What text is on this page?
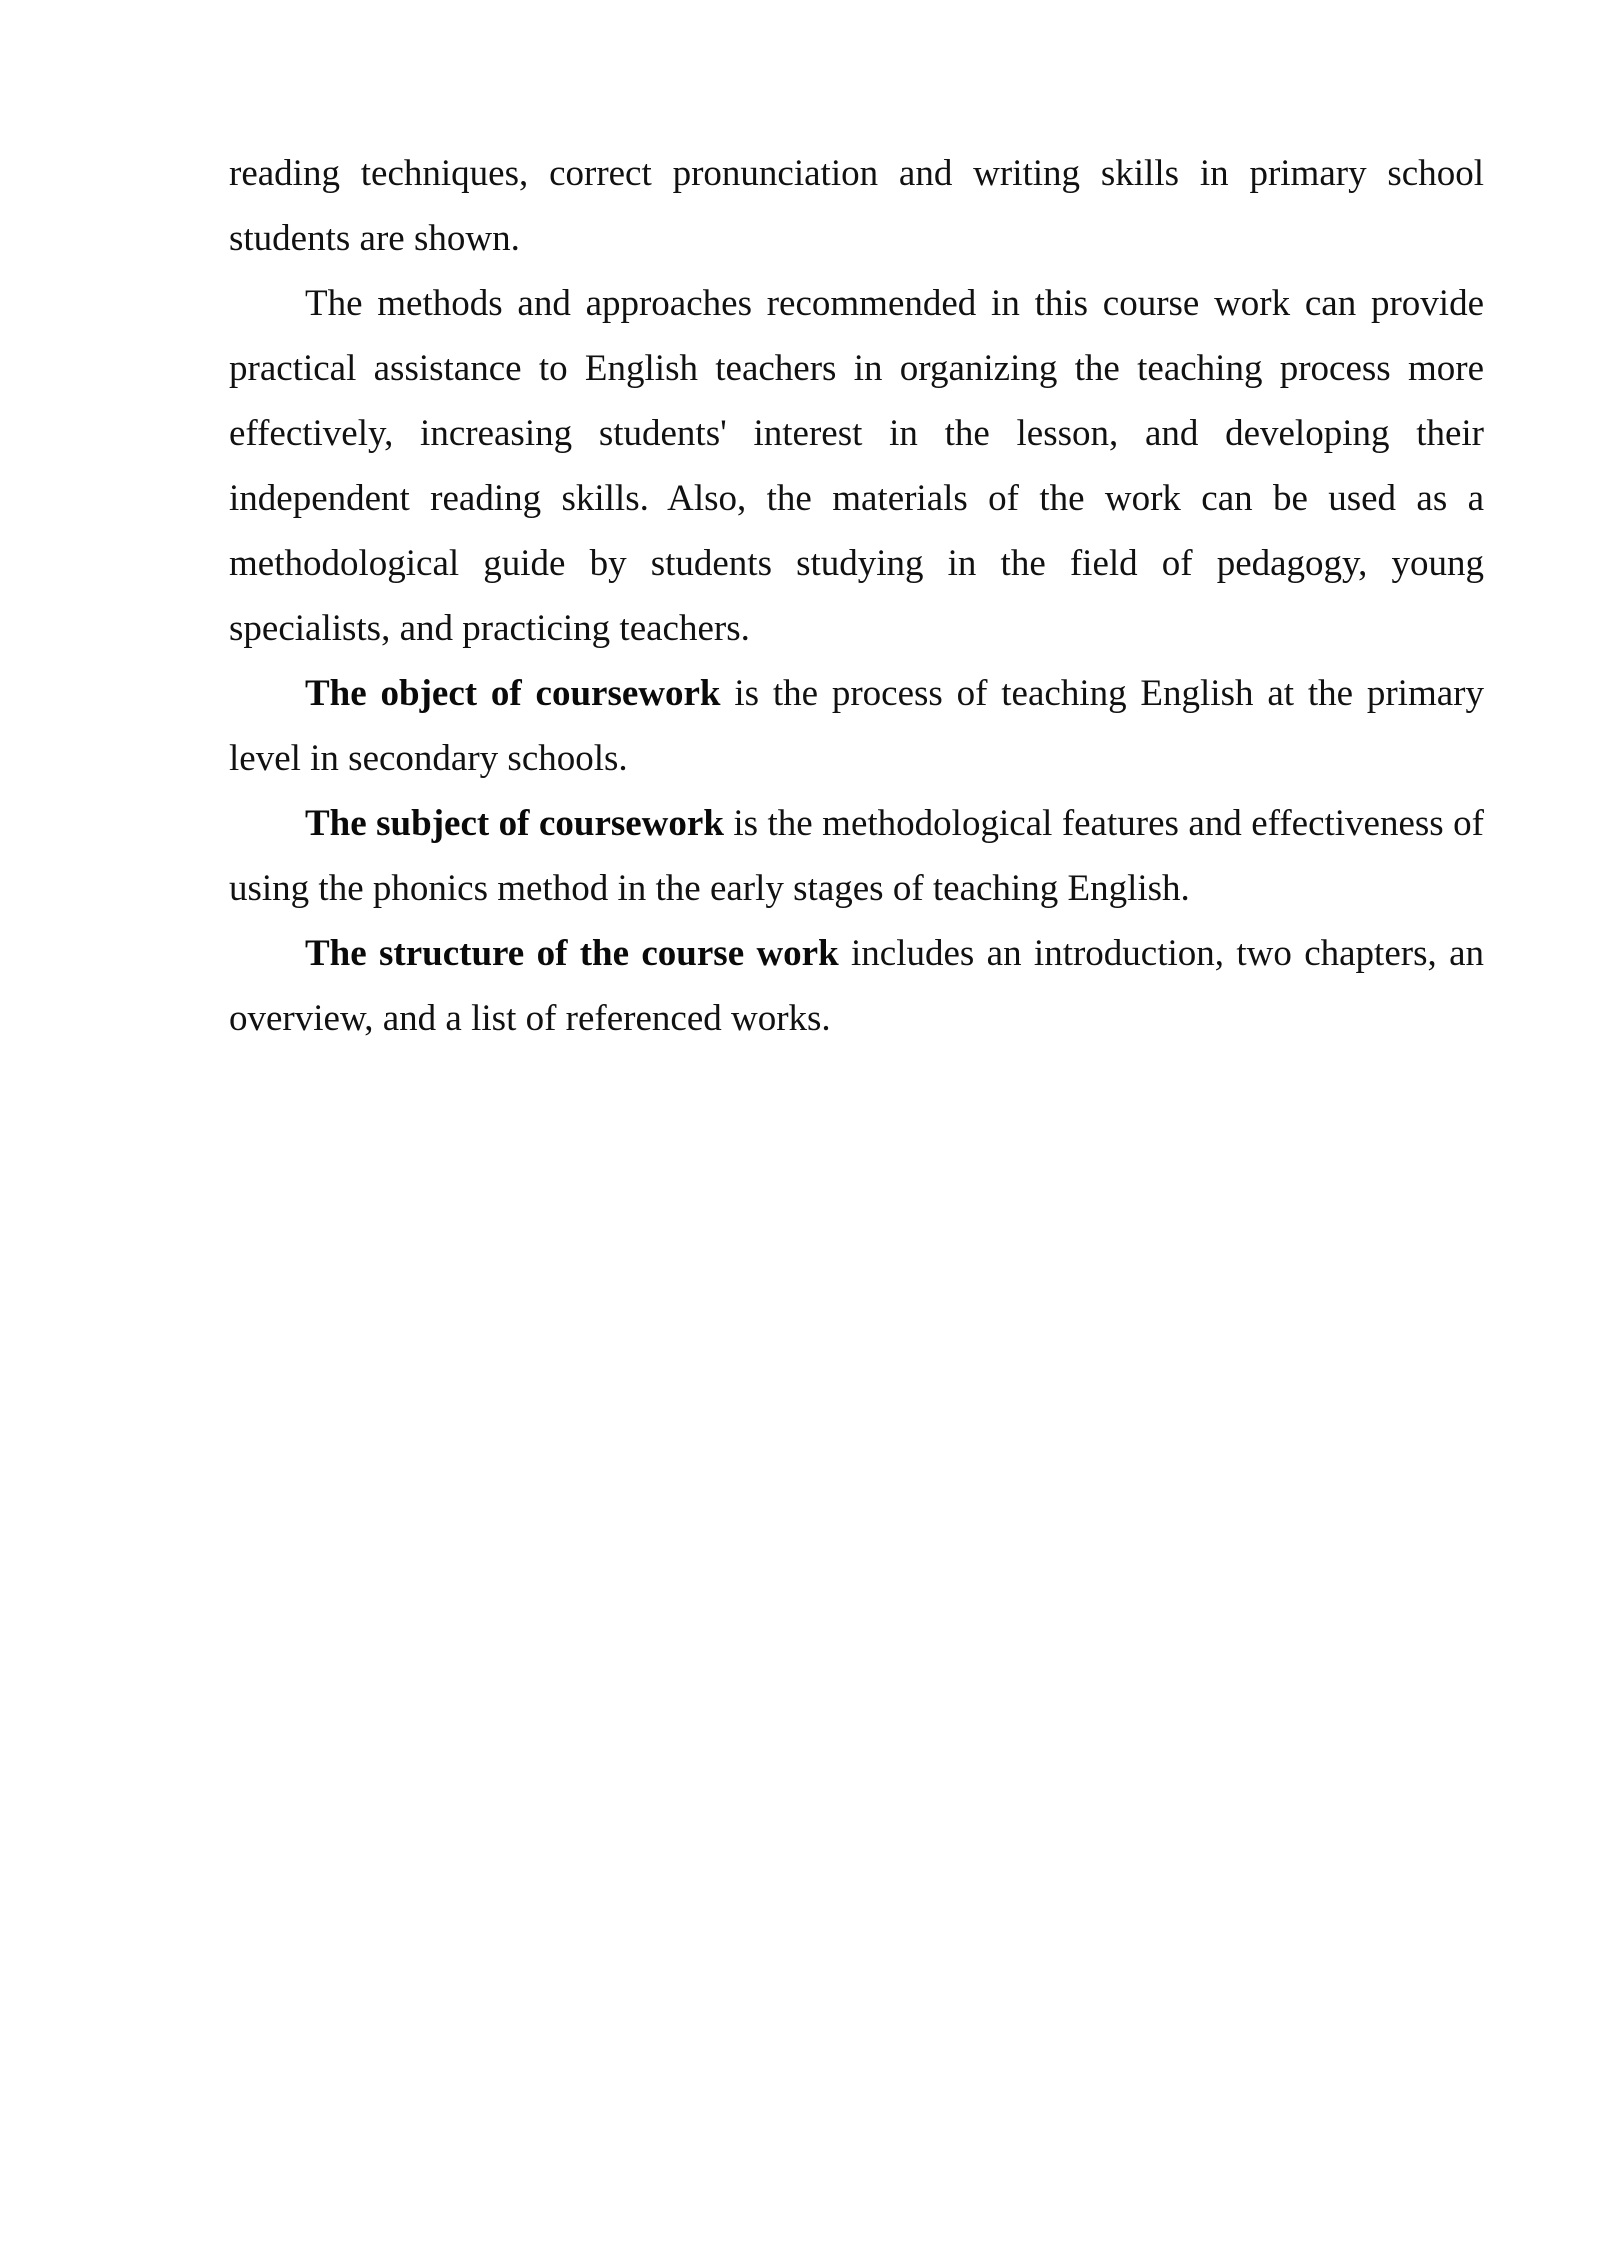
reading techniques, correct pronunciation and writing skills in primary school students are shown.

The methods and approaches recommended in this course work can provide practical assistance to English teachers in organizing the teaching process more effectively, increasing students' interest in the lesson, and developing their independent reading skills. Also, the materials of the work can be used as a methodological guide by students studying in the field of pedagogy, young specialists, and practicing teachers.

The object of coursework is the process of teaching English at the primary level in secondary schools.

The subject of coursework is the methodological features and effectiveness of using the phonics method in the early stages of teaching English.

The structure of the course work includes an introduction, two chapters, an overview, and a list of referenced works.
